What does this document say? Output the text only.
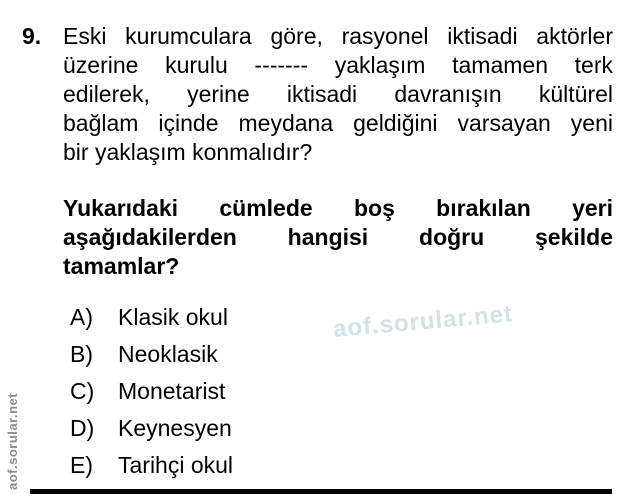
9. Eski kurumculara göre, rasyonel iktisadi aktörler
üzerine kurulu ------- yaklaşım tamamen terk
edilerek, yerine iktisadi davranışın kültürel
bağlam içinde meydana geldiğini varsayan yeni
bir yaklaşım konmalıdır?
Yukarıdaki cümlede boş bırakılan yeri
aşağıdakilerden hangisi doğru şekilde
tamamlar?
A) Klasik okul
B) Neoklasik
C) Monetarist
D) Keynesyen
E) Tarihçi okul
aof.sorular.net
aof.sorular.net
